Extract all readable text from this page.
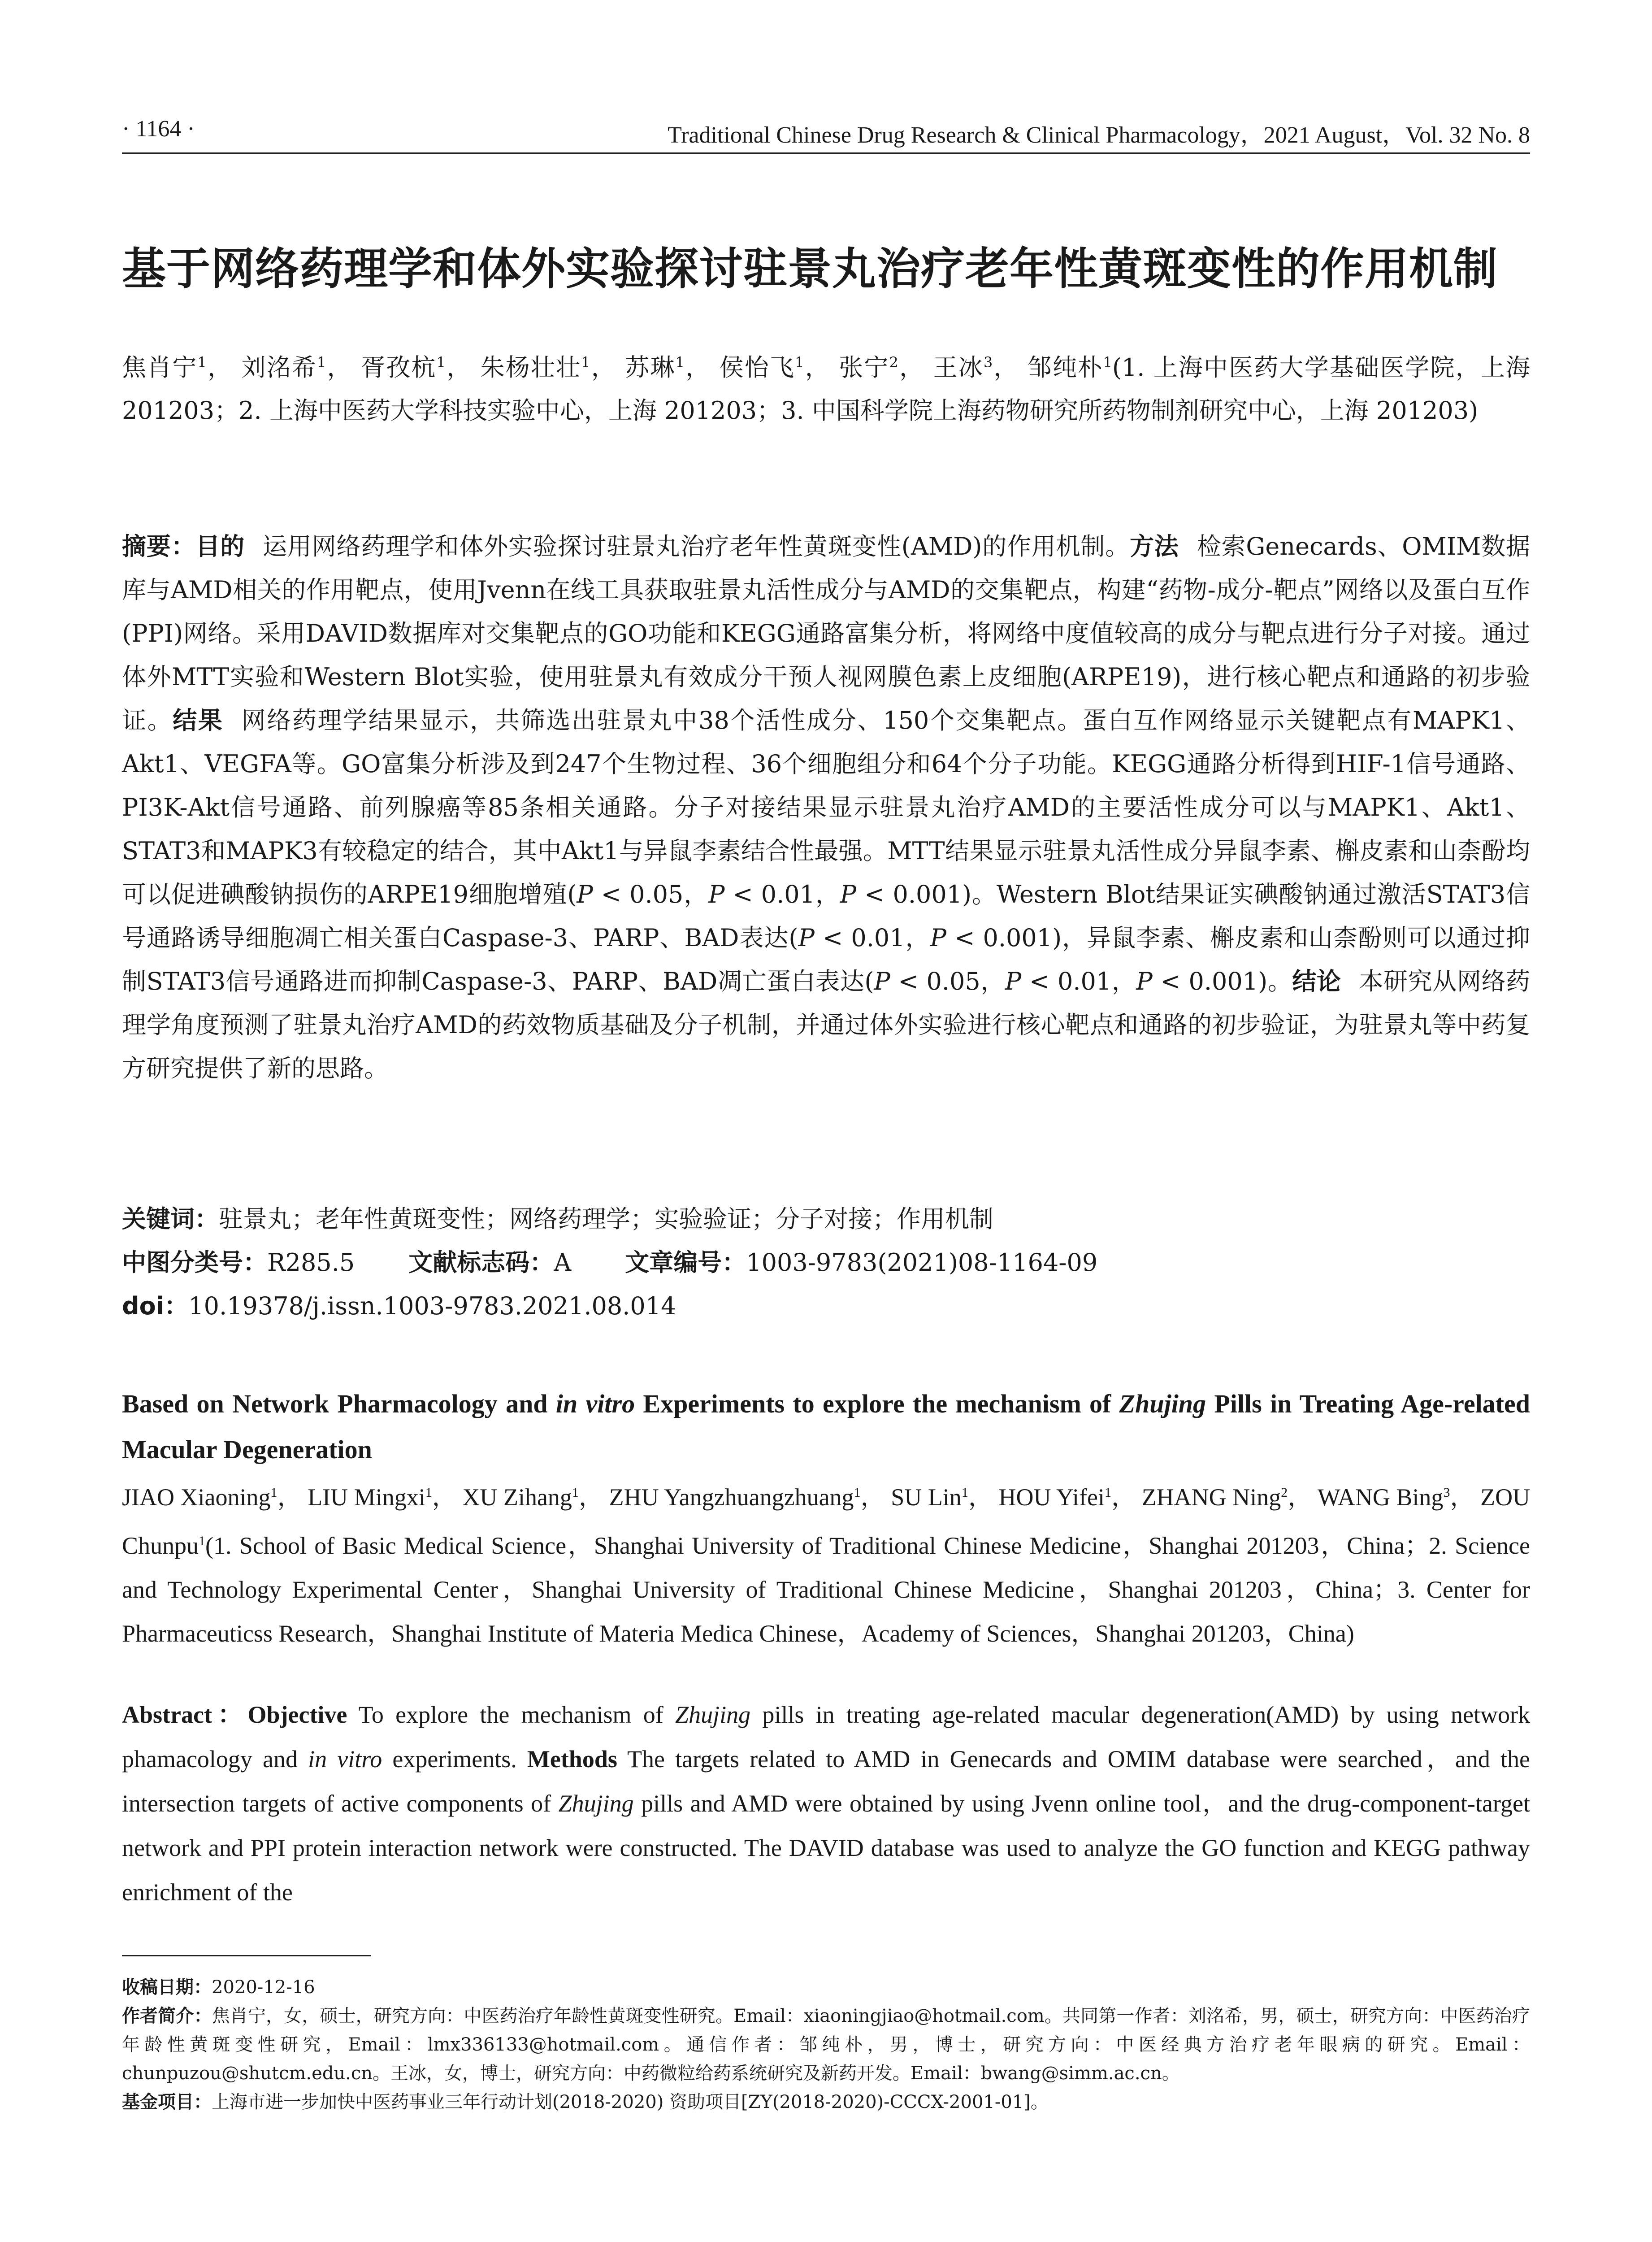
· 1164 ·	Traditional Chinese Drug Research & Clinical Pharmacology，2021 August，Vol. 32 No. 8
基于网络药理学和体外实验探讨驻景丸治疗老年性黄斑变性的作用机制
焦肖宁$^1$， 刘洺希$^1$， 胥孜杭$^1$， 朱杨壮壮$^1$， 苏琳$^1$， 侯怡飞$^1$， 张宁$^2$， 王冰$^3$， 邹纯朴$^1$(1. 上海中医药大学基础医学院，上海 201203；2. 上海中医药大学科技实验中心，上海 201203；3. 中国科学院上海药物研究所药物制剂研究中心，上海 201203)
摘要：目的 运用网络药理学和体外实验探讨驻景丸治疗老年性黄斑变性(AMD)的作用机制。方法 检索Genecards、OMIM数据库与AMD相关的作用靶点，使用Jvenn在线工具获取驻景丸活性成分与AMD的交集靶点，构建“药物-成分-靶点”网络以及蛋白互作(PPI)网络。采用DAVID数据库对交集靶点的GO功能和KEGG通路富集分析，将网络中度值较高的成分与靶点进行分子对接。通过体外MTT实验和Western Blot实验，使用驻景丸有效成分干预人视网膜色素上皮细胞(ARPE19)，进行核心靶点和通路的初步验证。结果 网络药理学结果显示，共筛选出驻景丸中38个活性成分、150个交集靶点。蛋白互作网络显示关键靶点有MAPK1、Akt1、VEGFA等。GO富集分析涉及到247个生物过程、36个细胞组分和64个分子功能。KEGG通路分析得到HIF-1信号通路、PI3K-Akt信号通路、前列腺癌等85条相关通路。分子对接结果显示驻景丸治疗AMD的主要活性成分可以与MAPK1、Akt1、STAT3和MAPK3有较稳定的结合，其中Akt1与异鼠李素结合性最强。MTT结果显示驻景丸活性成分异鼠李素、槲皮素和山柰酚均可以促进碘酸钠损伤的ARPE19细胞增殖(P < 0.05，P < 0.01，P < 0.001)。Western Blot结果证实碘酸钠通过激活STAT3信号通路诱导细胞凋亡相关蛋白Caspase-3、PARP、BAD表达(P < 0.01，P < 0.001)，异鼠李素、槲皮素和山柰酚则可以通过抑制STAT3信号通路进而抑制Caspase-3、PARP、BAD凋亡蛋白表达(P < 0.05，P < 0.01，P < 0.001)。结论 本研究从网络药理学角度预测了驻景丸治疗AMD的药效物质基础及分子机制，并通过体外实验进行核心靶点和通路的初步验证，为驻景丸等中药复方研究提供了新的思路。
关键词：驻景丸；老年性黄斑变性；网络药理学；实验验证；分子对接；作用机制
中图分类号：R285.5 文献标志码：A 文章编号：1003-9783(2021)08-1164-09
doi：10.19378/j.issn.1003-9783.2021.08.014
Based on Network Pharmacology and in vitro Experiments to explore the mechanism of Zhujing Pills in Treating Age-related Macular Degeneration
JIAO Xiaoning$^1$， LIU Mingxi$^1$， XU Zihang$^1$， ZHU Yangzhuangzhuang$^1$， SU Lin$^1$， HOU Yifei$^1$， ZHANG Ning$^2$， WANG Bing$^3$， ZOU Chunpu$^1$(1. School of Basic Medical Science，Shanghai University of Traditional Chinese Medicine，Shanghai 201203，China；2. Science and Technology Experimental Center，Shanghai University of Traditional Chinese Medicine，Shanghai 201203，China；3. Center for Pharmaceuticss Research，Shanghai Institute of Materia Medica Chinese，Academy of Sciences，Shanghai 201203，China)
Abstract：Objective To explore the mechanism of Zhujing pills in treating age-related macular degeneration(AMD) by using network phamacology and in vitro experiments. Methods The targets related to AMD in Genecards and OMIM database were searched，and the intersection targets of active components of Zhujing pills and AMD were obtained by using Jvenn online tool，and the drug-component-target network and PPI protein interaction network were constructed. The DAVID database was used to analyze the GO function and KEGG pathway enrichment of the

收稿日期：2020-12-16

作者简介：焦肖宁，女，硕士，研究方向：中医药治疗年龄性黄斑变性研究。Email：xiaoningjiao@hotmail.com。共同第一作者：刘洺希，男，硕士，研究方向：中医药治疗年龄性黄斑变性研究，Email：lmx336133@hotmail.com。通信作者：邹纯朴，男，博士，研究方向：中医经典方治疗老年眼病的研究。Email：chunpuzou@shutcm.edu.cn。王冰，女，博士，研究方向：中药微粒给药系统研究及新药开发。Email：bwang@simm.ac.cn。

基金项目：上海市进一步加快中医药事业三年行动计划(2018-2020) 资助项目[ZY(2018-2020)-CCCX-2001-01]。
